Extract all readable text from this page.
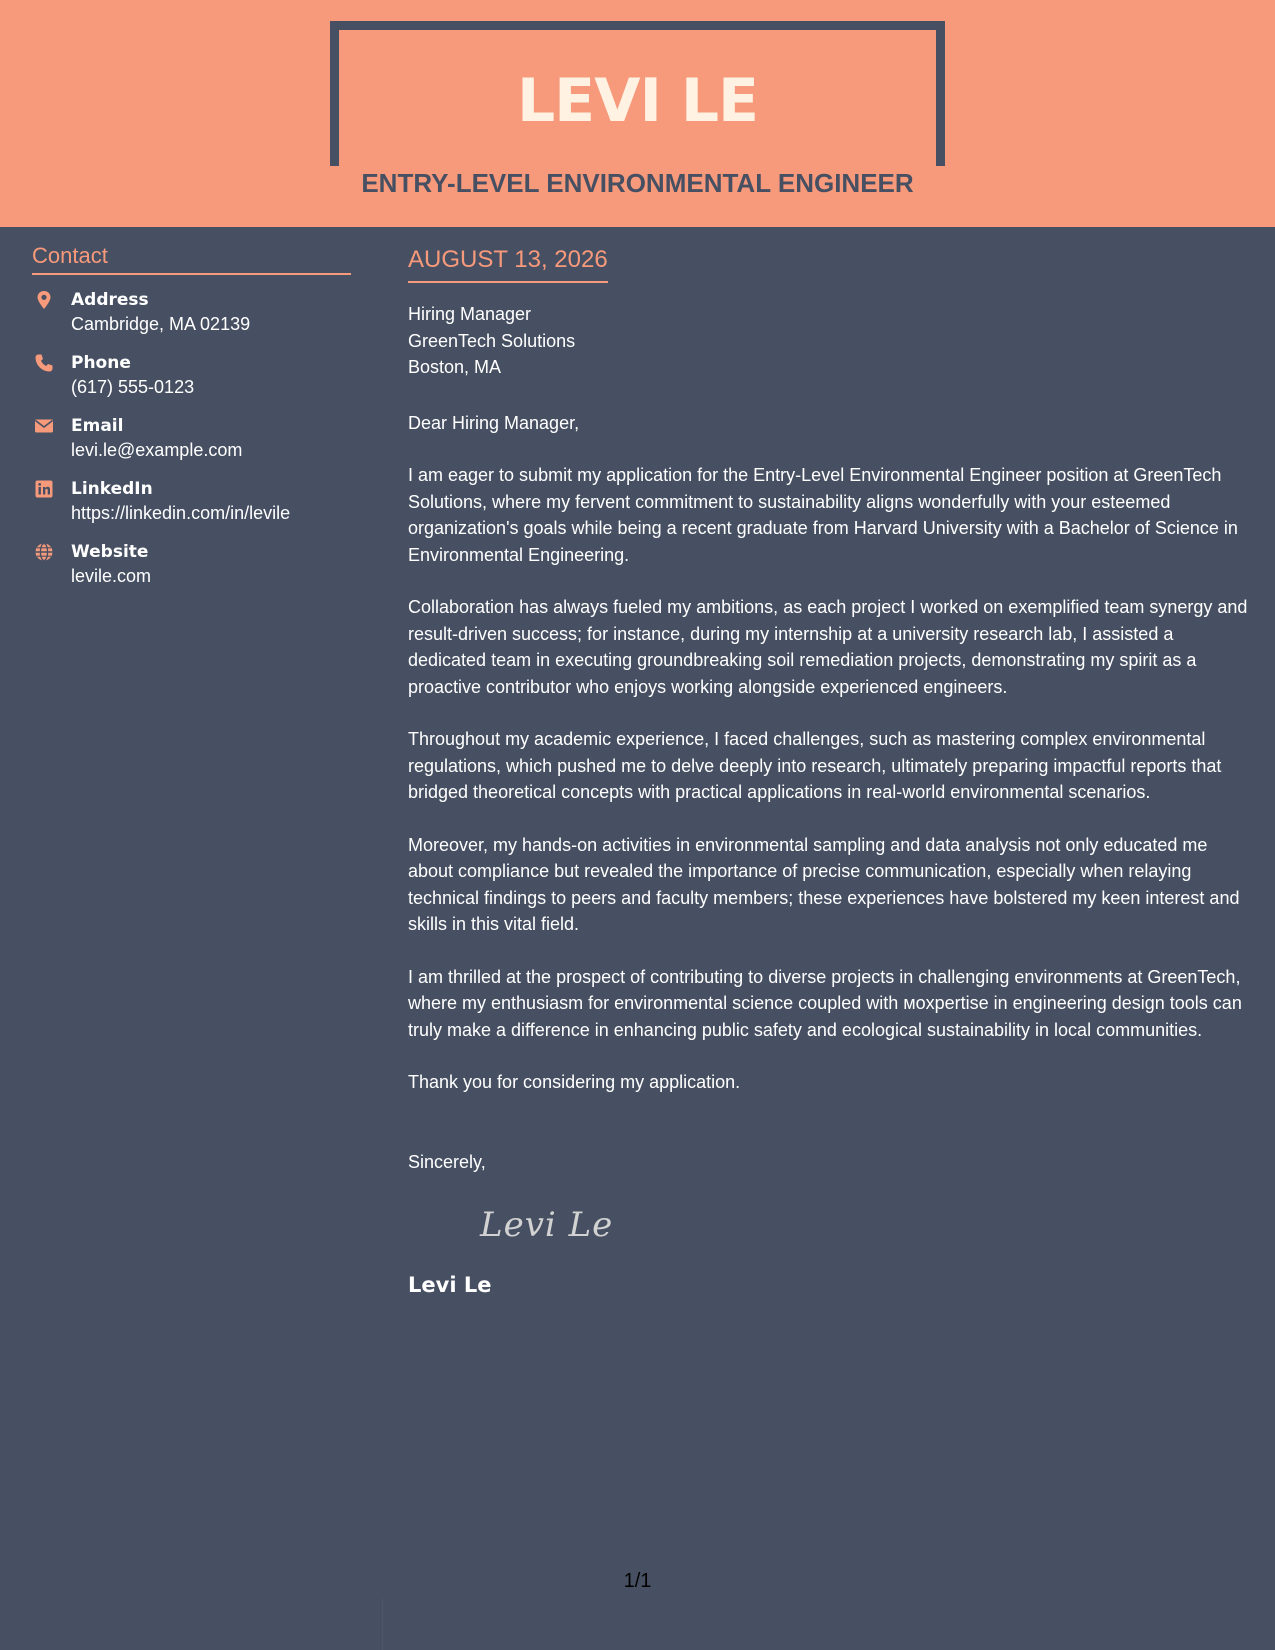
LEVI LE
ENTRY-LEVEL ENVIRONMENTAL ENGINEER
Contact
Address
Cambridge, MA 02139
Phone
(617) 555-0123
Email
levi.le@example.com
LinkedIn
https://linkedin.com/in/levile
Website
levile.com
AUGUST 13, 2026
Hiring Manager
GreenTech Solutions
Boston, MA
Dear Hiring Manager,
I am eager to submit my application for the Entry-Level Environmental Engineer position at GreenTech Solutions, where my fervent commitment to sustainability aligns wonderfully with your esteemed organization's goals while being a recent graduate from Harvard University with a Bachelor of Science in Environmental Engineering.
Collaboration has always fueled my ambitions, as each project I worked on exemplified team synergy and result-driven success; for instance, during my internship at a university research lab, I assisted a dedicated team in executing groundbreaking soil remediation projects, demonstrating my spirit as a proactive contributor who enjoys working alongside experienced engineers.
Throughout my academic experience, I faced challenges, such as mastering complex environmental regulations, which pushed me to delve deeply into research, ultimately preparing impactful reports that bridged theoretical concepts with practical applications in real-world environmental scenarios.
Moreover, my hands-on activities in environmental sampling and data analysis not only educated me about compliance but revealed the importance of precise communication, especially when relaying technical findings to peers and faculty members; these experiences have bolstered my keen interest and skills in this vital field.
I am thrilled at the prospect of contributing to diverse projects in challenging environments at GreenTech, where my enthusiasm for environmental science coupled with мoxpertise in engineering design tools can truly make a difference in enhancing public safety and ecological sustainability in local communities.
Thank you for considering my application.
Sincerely,
Levi Le
Levi Le
1/1
